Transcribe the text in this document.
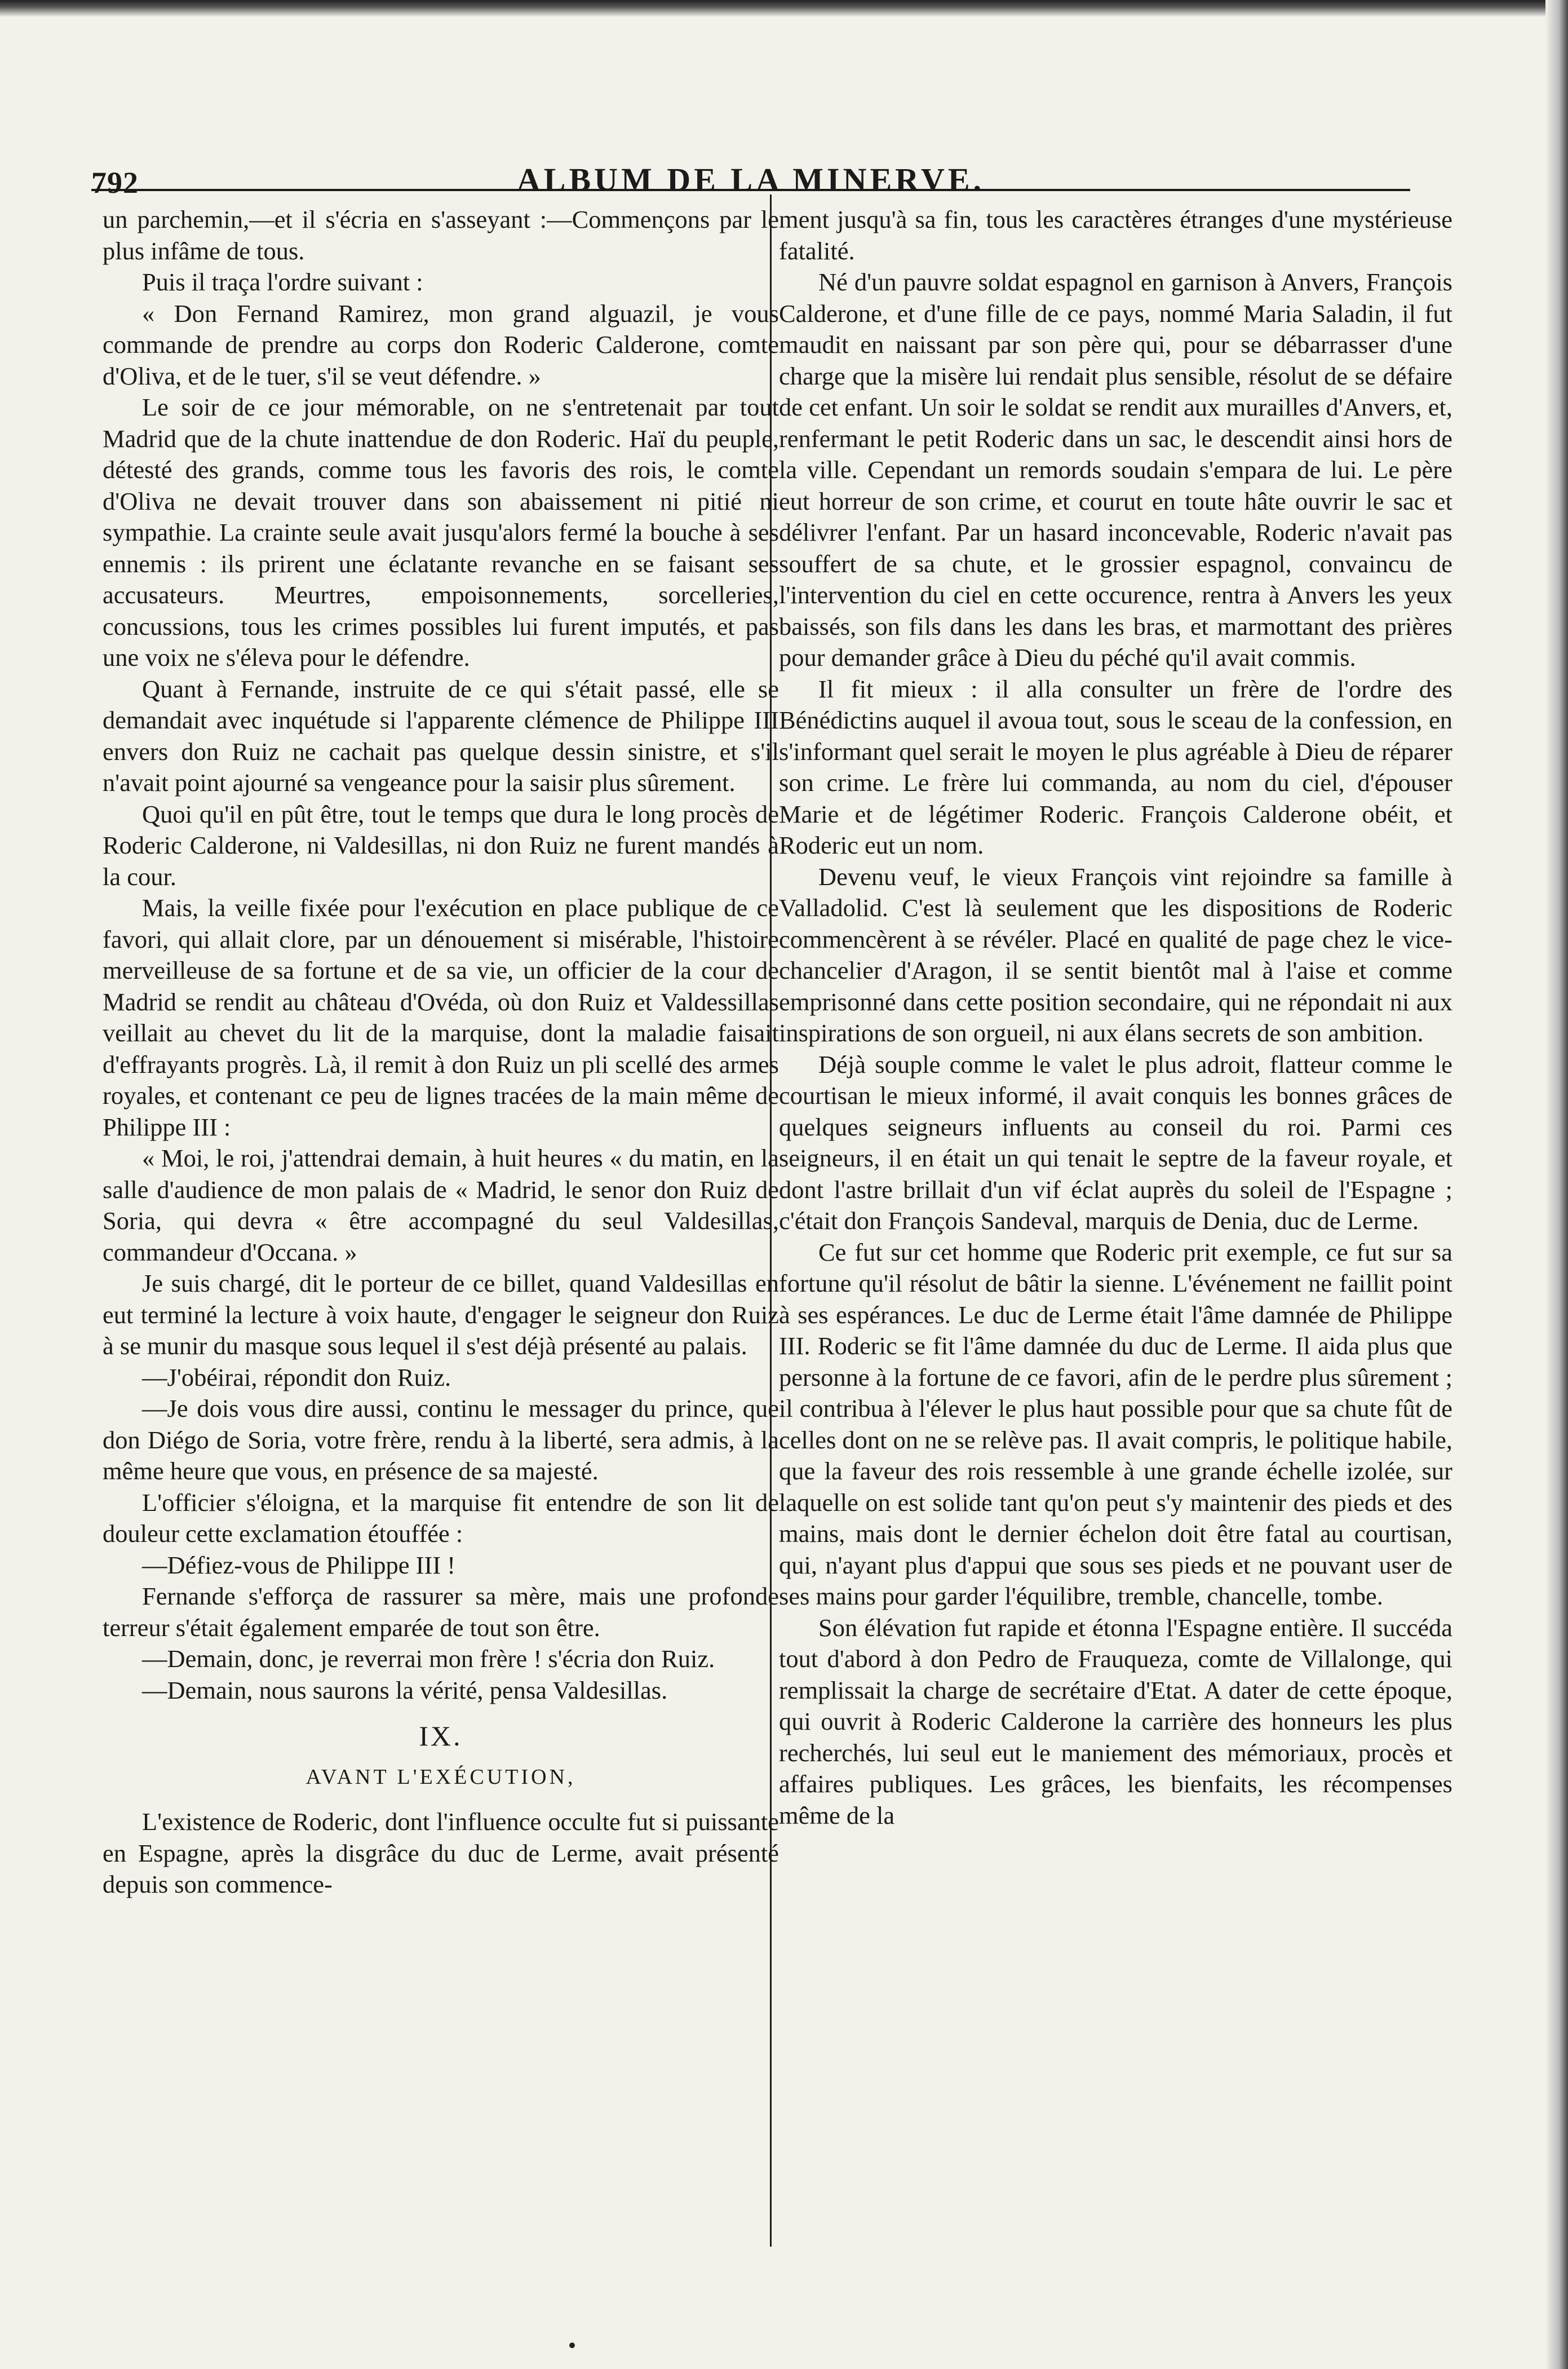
792	ALBUM DE LA MINERVE.

un parchemin,—et il s'écria en s'asseyant :—Commençons par le plus infâme de tous.

Puis il traça l'ordre suivant :

« Don Fernand Ramirez, mon grand alguazil, je vous commande de prendre au corps don Roderic Calderone, comte d'Oliva, et de le tuer, s'il se veut défendre. »

Le soir de ce jour mémorable, on ne s'entretenait par tout Madrid que de la chute inattendue de don Roderic. Haï du peuple, détesté des grands, comme tous les favoris des rois, le comte d'Oliva ne devait trouver dans son abaissement ni pitié ni sympathie. La crainte seule avait jusqu'alors fermé la bouche à ses ennemis : ils prirent une éclatante revanche en se faisant ses accusateurs. Meurtres, empoisonnements, sorcelleries, concussions, tous les crimes possibles lui furent imputés, et pas une voix ne s'éleva pour le défendre.

Quant à Fernande, instruite de ce qui s'était passé, elle se demandait avec inquétude si l'apparente clémence de Philippe III envers don Ruiz ne cachait pas quelque dessin sinistre, et s'il n'avait point ajourné sa vengeance pour la saisir plus sûrement.

Quoi qu'il en pût être, tout le temps que dura le long procès de Roderic Calderone, ni Valdesillas, ni don Ruiz ne furent mandés à la cour.

Mais, la veille fixée pour l'exécution en place publique de ce favori, qui allait clore, par un dénouement si misérable, l'histoire merveilleuse de sa fortune et de sa vie, un officier de la cour de Madrid se rendit au château d'Ovéda, où don Ruiz et Valdessillas veillait au chevet du lit de la marquise, dont la maladie faisait d'effrayants progrès. Là, il remit à don Ruiz un pli scellé des armes royales, et contenant ce peu de lignes tracées de la main même de Philippe III :

« Moi, le roi, j'attendrai demain, à huit heures « du matin, en la salle d'audience de mon palais de « Madrid, le senor don Ruiz de Soria, qui devra « être accompagné du seul Valdesillas, commandeur d'Occana. »

Je suis chargé, dit le porteur de ce billet, quand Valdesillas en eut terminé la lecture à voix haute, d'engager le seigneur don Ruiz à se munir du masque sous lequel il s'est déjà présenté au palais.

—J'obéirai, répondit don Ruiz.

—Je dois vous dire aussi, continu le messager du prince, que don Diégo de Soria, votre frère, rendu à la liberté, sera admis, à la même heure que vous, en présence de sa majesté.

L'officier s'éloigna, et la marquise fit entendre de son lit de douleur cette exclamation étouffée :

—Défiez-vous de Philippe III !

Fernande s'efforça de rassurer sa mère, mais une profonde terreur s'était également emparée de tout son être.

—Demain, donc, je reverrai mon frère ! s'écria don Ruiz.

—Demain, nous saurons la vérité, pensa Valdesillas.

IX.
AVANT L'EXÉCUTION,

L'existence de Roderic, dont l'influence occulte fut si puissante en Espagne, après la disgrâce du duc de Lerme, avait présenté depuis son commence-

ment jusqu'à sa fin, tous les caractères étranges d'une mystérieuse fatalité.

Né d'un pauvre soldat espagnol en garnison à Anvers, François Calderone, et d'une fille de ce pays, nommé Maria Saladin, il fut maudit en naissant par son père qui, pour se débarrasser d'une charge que la misère lui rendait plus sensible, résolut de se défaire de cet enfant. Un soir le soldat se rendit aux murailles d'Anvers, et, renfermant le petit Roderic dans un sac, le descendit ainsi hors de la ville. Cependant un remords soudain s'empara de lui. Le père eut horreur de son crime, et courut en toute hâte ouvrir le sac et délivrer l'enfant. Par un hasard inconcevable, Roderic n'avait pas souffert de sa chute, et le grossier espagnol, convaincu de l'intervention du ciel en cette occurence, rentra à Anvers les yeux baissés, son fils dans les dans les bras, et marmottant des prières pour demander grâce à Dieu du péché qu'il avait commis.

Il fit mieux : il alla consulter un frère de l'ordre des Bénédictins auquel il avoua tout, sous le sceau de la confession, en s'informant quel serait le moyen le plus agréable à Dieu de réparer son crime. Le frère lui commanda, au nom du ciel, d'épouser Marie et de légétimer Roderic. François Calderone obéit, et Roderic eut un nom.

Devenu veuf, le vieux François vint rejoindre sa famille à Valladolid. C'est là seulement que les dispositions de Roderic commencèrent à se révéler. Placé en qualité de page chez le vice-chancelier d'Aragon, il se sentit bientôt mal à l'aise et comme emprisonné dans cette position secondaire, qui ne répondait ni aux inspirations de son orgueil, ni aux élans secrets de son ambition.

Déjà souple comme le valet le plus adroit, flatteur comme le courtisan le mieux informé, il avait conquis les bonnes grâces de quelques seigneurs influents au conseil du roi. Parmi ces seigneurs, il en était un qui tenait le septre de la faveur royale, et dont l'astre brillait d'un vif éclat auprès du soleil de l'Espagne ; c'était don François Sandeval, marquis de Denia, duc de Lerme.

Ce fut sur cet homme que Roderic prit exemple, ce fut sur sa fortune qu'il résolut de bâtir la sienne. L'événement ne faillit point à ses espérances. Le duc de Lerme était l'âme damnée de Philippe III. Roderic se fit l'âme damnée du duc de Lerme. Il aida plus que personne à la fortune de ce favori, afin de le perdre plus sûrement ; il contribua à l'élever le plus haut possible pour que sa chute fût de celles dont on ne se relève pas. Il avait compris, le politique habile, que la faveur des rois ressemble à une grande échelle izolée, sur laquelle on est solide tant qu'on peut s'y maintenir des pieds et des mains, mais dont le dernier échelon doit être fatal au courtisan, qui, n'ayant plus d'appui que sous ses pieds et ne pouvant user de ses mains pour garder l'équilibre, tremble, chancelle, tombe.

Son élévation fut rapide et étonna l'Espagne entière. Il succéda tout d'abord à don Pedro de Frauqueza, comte de Villalonge, qui remplissait la charge de secrétaire d'Etat. A dater de cette époque, qui ouvrit à Roderic Calderone la carrière des honneurs les plus recherchés, lui seul eut le maniement des mémoriaux, procès et affaires publiques. Les grâces, les bienfaits, les récompenses même de la
